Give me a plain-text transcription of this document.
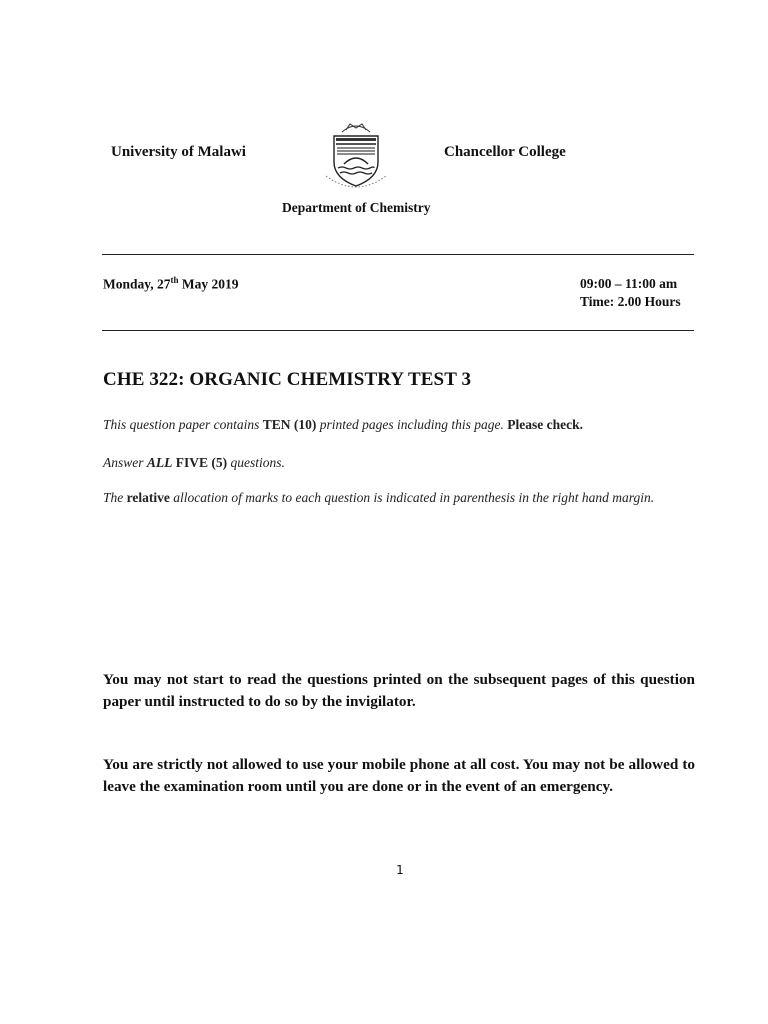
University of Malawi	Chancellor College
Department of Chemistry
Monday, 27th May 2019	09:00 – 11:00 am
Time: 2.00 Hours
CHE 322: ORGANIC CHEMISTRY TEST 3
This question paper contains TEN (10) printed pages including this page. Please check.
Answer ALL FIVE (5) questions.
The relative allocation of marks to each question is indicated in parenthesis in the right hand margin.
You may not start to read the questions printed on the subsequent pages of this question paper until instructed to do so by the invigilator.
You are strictly not allowed to use your mobile phone at all cost. You may not be allowed to leave the examination room until you are done or in the event of an emergency.
1
